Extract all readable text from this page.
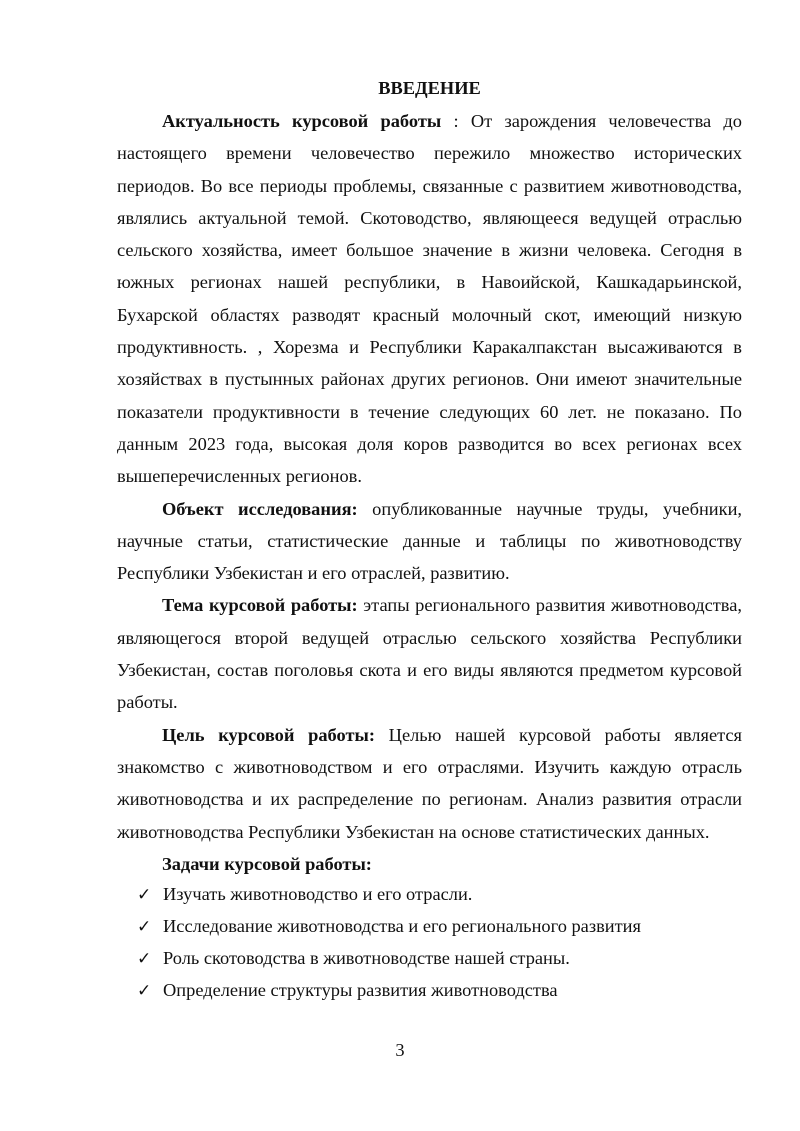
ВВЕДЕНИЕ

Актуальность курсовой работы : От зарождения человечества до настоящего времени человечество пережило множество исторических периодов. Во все периоды проблемы, связанные с развитием животноводства, являлись актуальной темой. Скотоводство, являющееся ведущей отраслью сельского хозяйства, имеет большое значение в жизни человека. Сегодня в южных регионах нашей республики, в Навоийской, Кашкадарьинской, Бухарской областях разводят красный молочный скот, имеющий низкую продуктивность. , Хорезма и Республики Каракалпакстан высаживаются в хозяйствах в пустынных районах других регионов. Они имеют значительные показатели продуктивности в течение следующих 60 лет. не показано. По данным 2023 года, высокая доля коров разводится во всех регионах всех вышеперечисленных регионов.

Объект исследования: опубликованные научные труды, учебники, научные статьи, статистические данные и таблицы по животноводству Республики Узбекистан и его отраслей, развитию.

Тема курсовой работы: этапы регионального развития животноводства, являющегося второй ведущей отраслью сельского хозяйства Республики Узбекистан, состав поголовья скота и его виды являются предметом курсовой работы.

Цель курсовой работы: Целью нашей курсовой работы является знакомство с животноводством и его отраслями. Изучить каждую отрасль животноводства и их распределение по регионам. Анализ развития отрасли животноводства Республики Узбекистан на основе статистических данных.

Задачи курсовой работы:

✓ Изучать животноводство и его отрасли.
✓ Исследование животноводства и его регионального развития
✓ Роль скотоводства в животноводстве нашей страны.
✓ Определение структуры развития животноводства
3
